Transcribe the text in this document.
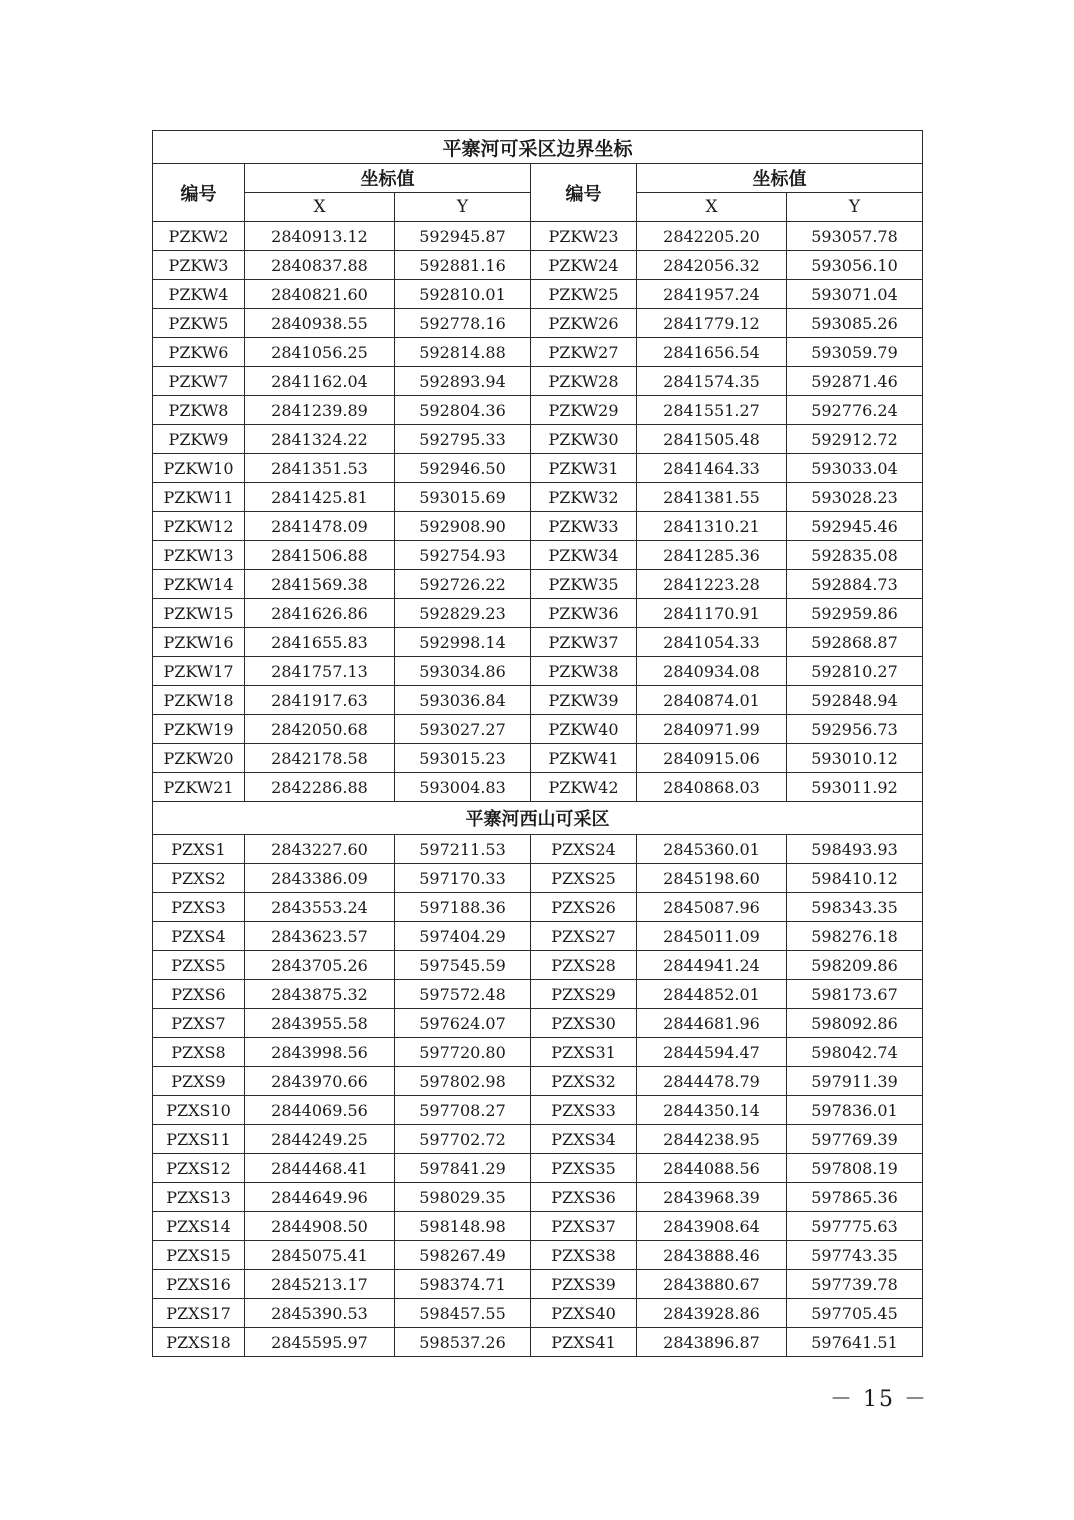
平寨河可采区边界坐标					
编号	坐标值		编号	坐标值	
	X	Y		X	Y
PZKW2	2840913.12	592945.87	PZKW23	2842205.20	593057.78
PZKW3	2840837.88	592881.16	PZKW24	2842056.32	593056.10
PZKW4	2840821.60	592810.01	PZKW25	2841957.24	593071.04
PZKW5	2840938.55	592778.16	PZKW26	2841779.12	593085.26
PZKW6	2841056.25	592814.88	PZKW27	2841656.54	593059.79
PZKW7	2841162.04	592893.94	PZKW28	2841574.35	592871.46
PZKW8	2841239.89	592804.36	PZKW29	2841551.27	592776.24
PZKW9	2841324.22	592795.33	PZKW30	2841505.48	592912.72
PZKW10	2841351.53	592946.50	PZKW31	2841464.33	593033.04
PZKW11	2841425.81	593015.69	PZKW32	2841381.55	593028.23
PZKW12	2841478.09	592908.90	PZKW33	2841310.21	592945.46
PZKW13	2841506.88	592754.93	PZKW34	2841285.36	592835.08
PZKW14	2841569.38	592726.22	PZKW35	2841223.28	592884.73
PZKW15	2841626.86	592829.23	PZKW36	2841170.91	592959.86
PZKW16	2841655.83	592998.14	PZKW37	2841054.33	592868.87
PZKW17	2841757.13	593034.86	PZKW38	2840934.08	592810.27
PZKW18	2841917.63	593036.84	PZKW39	2840874.01	592848.94
PZKW19	2842050.68	593027.27	PZKW40	2840971.99	592956.73
PZKW20	2842178.58	593015.23	PZKW41	2840915.06	593010.12
PZKW21	2842286.88	593004.83	PZKW42	2840868.03	593011.92
平寨河西山可采区					
PZXS1	2843227.60	597211.53	PZXS24	2845360.01	598493.93
PZXS2	2843386.09	597170.33	PZXS25	2845198.60	598410.12
PZXS3	2843553.24	597188.36	PZXS26	2845087.96	598343.35
PZXS4	2843623.57	597404.29	PZXS27	2845011.09	598276.18
PZXS5	2843705.26	597545.59	PZXS28	2844941.24	598209.86
PZXS6	2843875.32	597572.48	PZXS29	2844852.01	598173.67
PZXS7	2843955.58	597624.07	PZXS30	2844681.96	598092.86
PZXS8	2843998.56	597720.80	PZXS31	2844594.47	598042.74
PZXS9	2843970.66	597802.98	PZXS32	2844478.79	597911.39
PZXS10	2844069.56	597708.27	PZXS33	2844350.14	597836.01
PZXS11	2844249.25	597702.72	PZXS34	2844238.95	597769.39
PZXS12	2844468.41	597841.29	PZXS35	2844088.56	597808.19
PZXS13	2844649.96	598029.35	PZXS36	2843968.39	597865.36
PZXS14	2844908.50	598148.98	PZXS37	2843908.64	597775.63
PZXS15	2845075.41	598267.49	PZXS38	2843888.46	597743.35
PZXS16	2845213.17	598374.71	PZXS39	2843880.67	597739.78
PZXS17	2845390.53	598457.55	PZXS40	2843928.86	597705.45
PZXS18	2845595.97	598537.26	PZXS41	2843896.87	597641.51
－ 15 －
